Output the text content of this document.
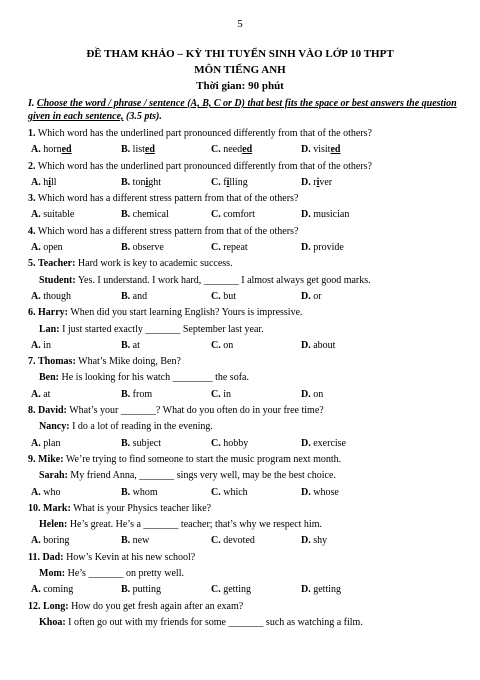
5
ĐỀ THAM KHẢO – KỲ THI TUYỂN SINH VÀO LỚP 10 THPT
MÔN TIẾNG ANH
Thời gian: 90 phút
I. Choose the word / phrase / sentence (A, B, C or D) that best fits the space or best answers the question given in each sentence, (3.5 pts).
1. Which word has the underlined part pronounced differently from that of the others?
A. horned	B. listed	C. needed	D. visited
2. Which word has the underlined part pronounced differently from that of the others?
A. hill	B. tonight	C. filling	D. river
3. Which word has a different stress pattern from that of the others?
A. suitable	B. chemical	C. comfort	D. musician
4. Which word has a different stress pattern from that of the others?
A. open	B. observe	C. repeat	D. provide
5. Teacher: Hard work is key to academic success.
Student: Yes. I understand. I work hard, _______ I almost always get good marks.
A. though	B. and	C. but	D. or
6. Harry: When did you start learning English? Yours is impressive.
Lan: I just started exactly _______ September last year.
A. in	B. at	C. on	D. about
7. Thomas: What’s Mike doing, Ben?
Ben: He is looking for his watch ________ the sofa.
A. at	B. from	C. in	D. on
8. David: What’s your _______? What do you often do in your free time?
Nancy: I do a lot of reading in the evening.
A. plan	B. subject	C. hobby	D. exercise
9. Mike: We’re trying to find someone to start the music program next month.
Sarah: My friend Anna, _______ sings very well, may be the best choice.
A. who	B. whom	C. which	D. whose
10. Mark: What is your Physics teacher like?
Helen: He’s great. He’s a _______ teacher; that’s why we respect him.
A. boring	B. new	C. devoted	D. shy
11. Dad: How’s Kevin at his new school?
Mom: He’s _______ on pretty well.
A. coming	B. putting	C. getting	D. getting
12. Long: How do you get fresh again after an exam?
Khoa: I often go out with my friends for some _______ such as watching a film.
